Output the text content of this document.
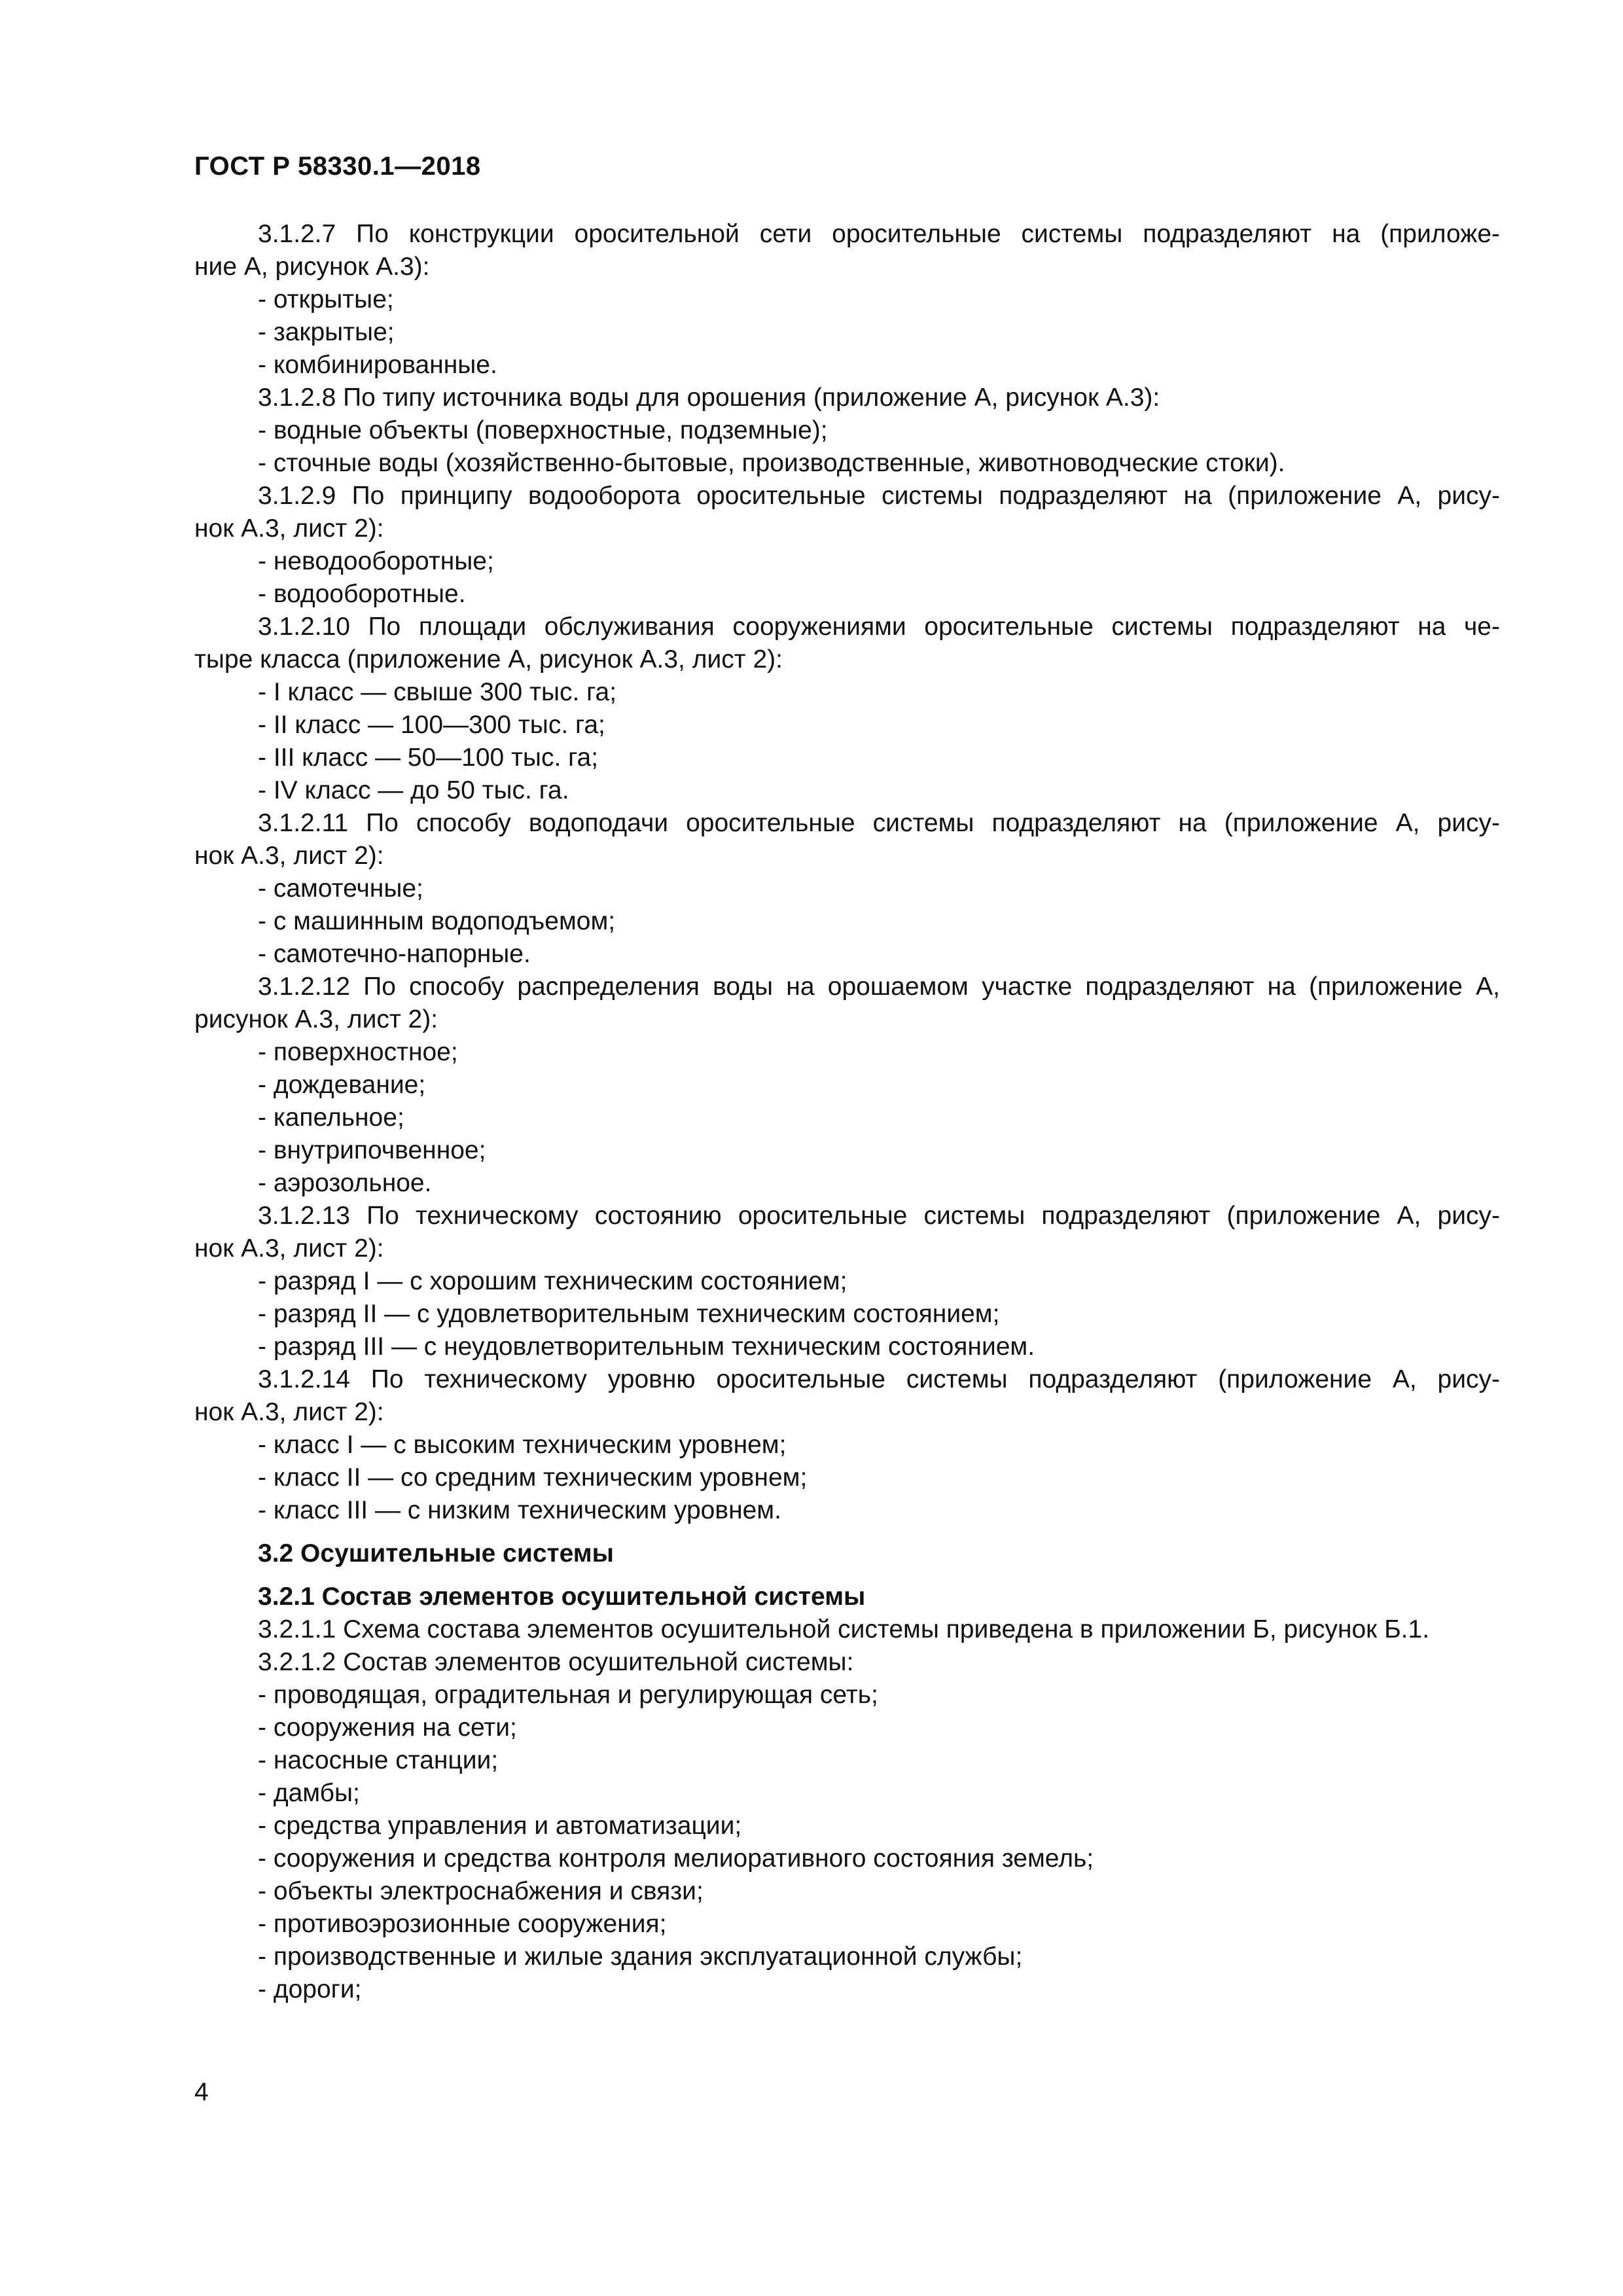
ГОСТ Р 58330.1—2018
3.1.2.7 По конструкции оросительной сети оросительные системы подразделяют на (приложе-
ние А, рисунок А.3):
- открытые;
- закрытые;
- комбинированные.
3.1.2.8 По типу источника воды для орошения (приложение А, рисунок А.3):
- водные объекты (поверхностные, подземные);
- сточные воды (хозяйственно-бытовые, производственные, животноводческие стоки).
3.1.2.9 По принципу водооборота оросительные системы подразделяют на (приложение А, рису-
нок А.3, лист 2):
- неводооборотные;
- водооборотные.
3.1.2.10 По площади обслуживания сооружениями оросительные системы подразделяют на че-
тыре класса (приложение А, рисунок А.3, лист 2):
- I класс — свыше 300 тыс. га;
- II класс — 100—300 тыс. га;
- III класс — 50—100 тыс. га;
- IV класс — до 50 тыс. га.
3.1.2.11 По способу водоподачи оросительные системы подразделяют на (приложение А, рису-
нок А.3, лист 2):
- самотечные;
- с машинным водоподъемом;
- самотечно-напорные.
3.1.2.12 По способу распределения воды на орошаемом участке подразделяют на (приложение А,
рисунок А.3, лист 2):
- поверхностное;
- дождевание;
- капельное;
- внутрипочвенное;
- аэрозольное.
3.1.2.13 По техническому состоянию оросительные системы подразделяют (приложение А, рису-
нок А.3, лист 2):
- разряд I — с хорошим техническим состоянием;
- разряд II — с удовлетворительным техническим состоянием;
- разряд III — с неудовлетворительным техническим состоянием.
3.1.2.14 По техническому уровню оросительные системы подразделяют (приложение А, рису-
нок А.3, лист 2):
- класс I — с высоким техническим уровнем;
- класс II — со средним техническим уровнем;
- класс III — с низким техническим уровнем.
3.2 Осушительные системы
3.2.1 Состав элементов осушительной системы
3.2.1.1 Схема состава элементов осушительной системы приведена в приложении Б, рисунок Б.1.
3.2.1.2 Состав элементов осушительной системы:
- проводящая, оградительная и регулирующая сеть;
- сооружения на сети;
- насосные станции;
- дамбы;
- средства управления и автоматизации;
- сооружения и средства контроля мелиоративного состояния земель;
- объекты электроснабжения и связи;
- противоэрозионные сооружения;
- производственные и жилые здания эксплуатационной службы;
- дороги;
4
